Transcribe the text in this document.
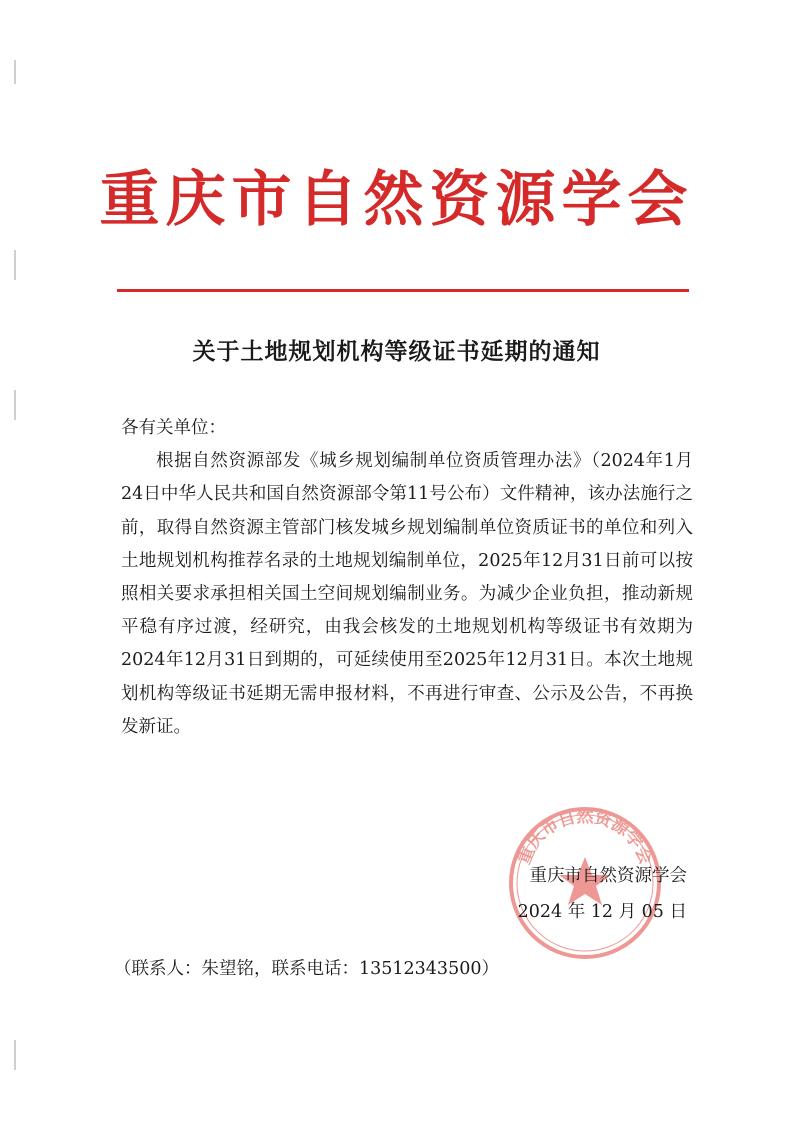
重庆市自然资源学会
关于土地规划机构等级证书延期的通知

各有关单位：

根据自然资源部发《城乡规划编制单位资质管理办法》（2024年1月24日中华人民共和国自然资源部令第11号公布）文件精神，该办法施行之前，取得自然资源主管部门核发城乡规划编制单位资质证书的单位和列入土地规划机构推荐名录的土地规划编制单位，2025年12月31日前可以按照相关要求承担相关国土空间规划编制业务。为减少企业负担，推动新规平稳有序过渡，经研究，由我会核发的土地规划机构等级证书有效期为2024年12月31日到期的，可延续使用至2025年12月31日。本次土地规划机构等级证书延期无需申报材料，不再进行审查、公示及公告，不再换发新证。

重庆市自然资源学会
重庆市自然资源学会
2024 年 12 月 05 日
（联系人：朱望铭，联系电话：13512343500）
